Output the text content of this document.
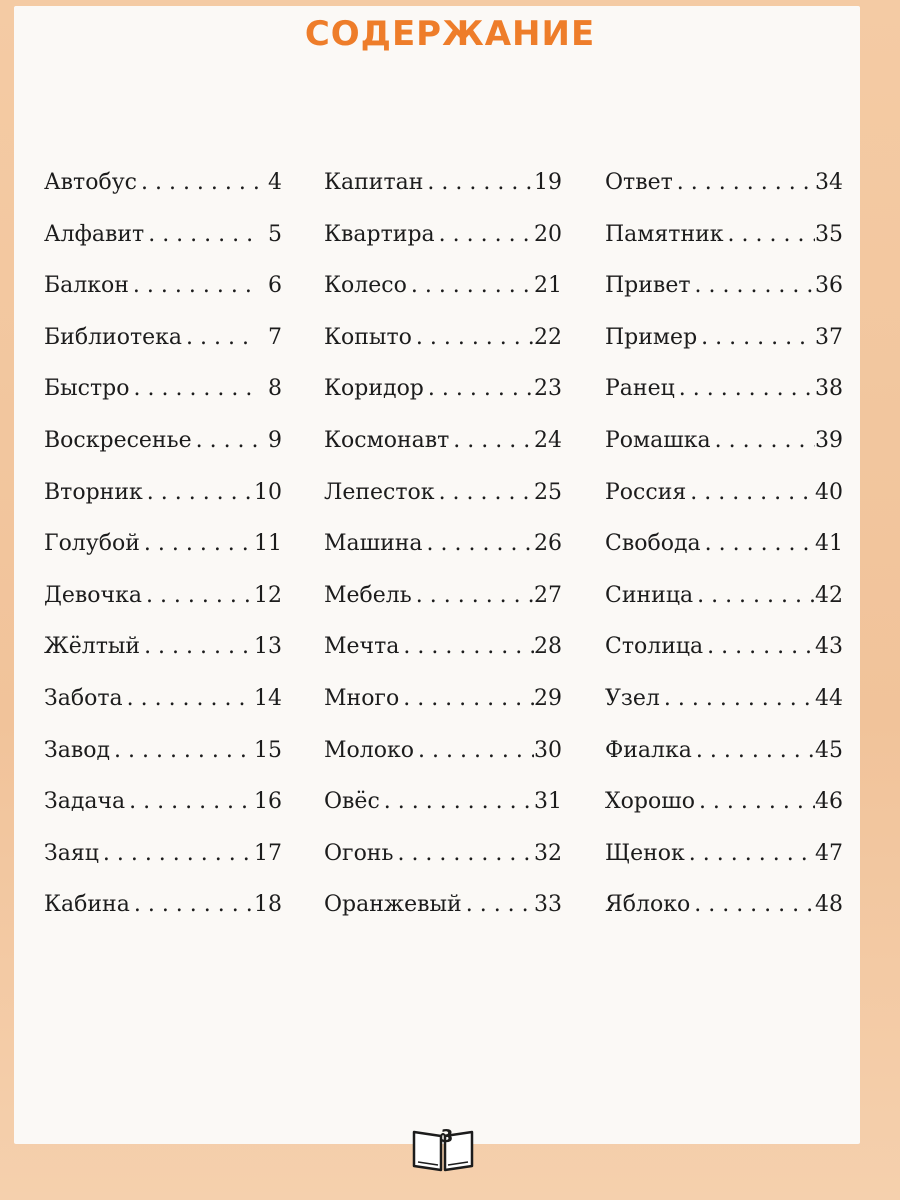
СОДЕРЖАНИЕ
Автобус . . .	4
Алфавит . . .	5
Балкон . . .	6
Библиотека . . .	7
Быстро . . .	8
Воскресенье . . .	9
Вторник . . .	10
Голубой . . .	11
Девочка . . .	12
Жёлтый . . .	13
Забота . . .	14
Завод . . .	15
Задача . . .	16
Заяц . . .	17
Кабина . . .	18
Капитан . . .	19
Квартира . . .	20
Колесо . . .	21
Копыто . . .	22
Коридор . . .	23
Космонавт . . .	24
Лепесток . . .	25
Машина . . .	26
Мебель . . .	27
Мечта . . .	28
Много . . .	29
Молоко . . .	30
Овёс . . .	31
Огонь . . .	32
Оранжевый . . .	33
Ответ . . .	34
Памятник . . .	35
Привет . . .	36
Пример . . .	37
Ранец . . .	38
Ромашка . . .	39
Россия . . .	40
Свобода . . .	41
Синица . . .	42
Столица . . .	43
Узел . . .	44
Фиалка . . .	45
Хорошо . . .	46
Щенок . . .	47
Яблоко . . .	48
3
